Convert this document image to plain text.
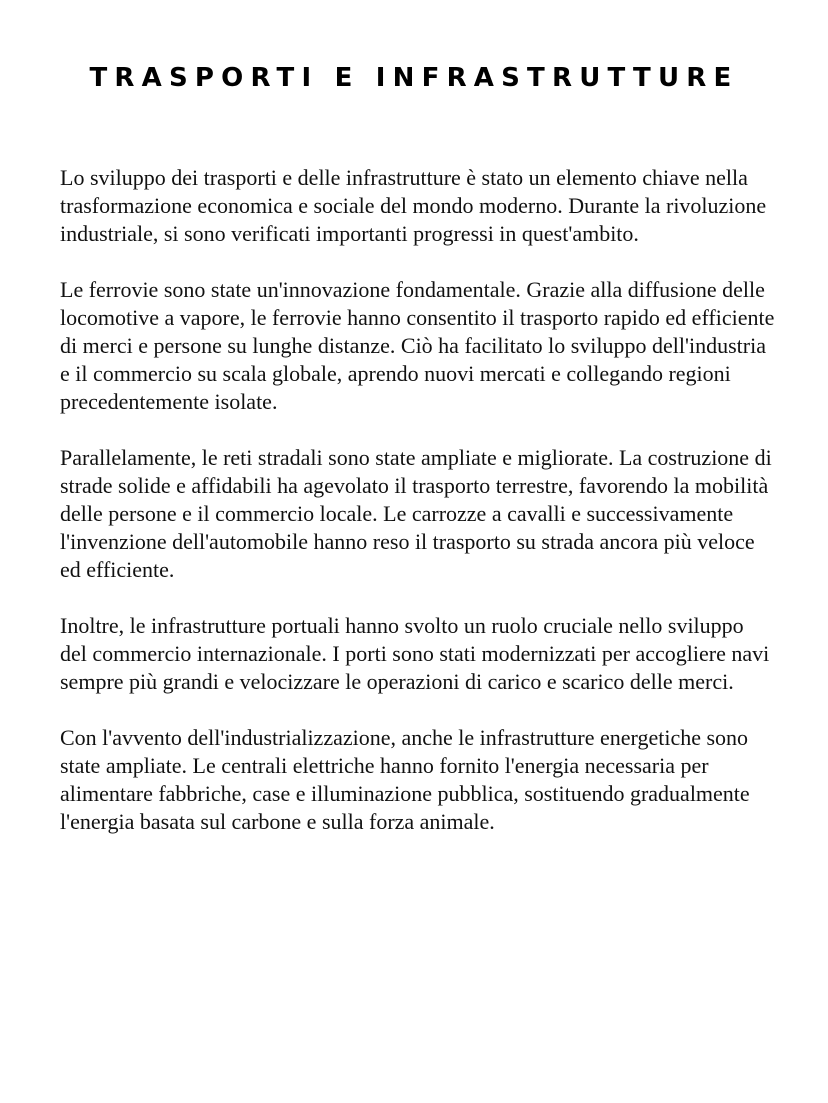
TRASPORTI E INFRASTRUTTURE

Lo sviluppo dei trasporti e delle infrastrutture è stato un elemento chiave nella trasformazione economica e sociale del mondo moderno. Durante la rivoluzione industriale, si sono verificati importanti progressi in quest'ambito.

Le ferrovie sono state un'innovazione fondamentale. Grazie alla diffusione delle locomotive a vapore, le ferrovie hanno consentito il trasporto rapido ed efficiente di merci e persone su lunghe distanze. Ciò ha facilitato lo sviluppo dell'industria e il commercio su scala globale, aprendo nuovi mercati e collegando regioni precedentemente isolate.

Parallelamente, le reti stradali sono state ampliate e migliorate. La costruzione di strade solide e affidabili ha agevolato il trasporto terrestre, favorendo la mobilità delle persone e il commercio locale. Le carrozze a cavalli e successivamente l'invenzione dell'automobile hanno reso il trasporto su strada ancora più veloce ed efficiente.

Inoltre, le infrastrutture portuali hanno svolto un ruolo cruciale nello sviluppo del commercio internazionale. I porti sono stati modernizzati per accogliere navi sempre più grandi e velocizzare le operazioni di carico e scarico delle merci.

Con l'avvento dell'industrializzazione, anche le infrastrutture energetiche sono state ampliate. Le centrali elettriche hanno fornito l'energia necessaria per alimentare fabbriche, case e illuminazione pubblica, sostituendo gradualmente l'energia basata sul carbone e sulla forza animale.
